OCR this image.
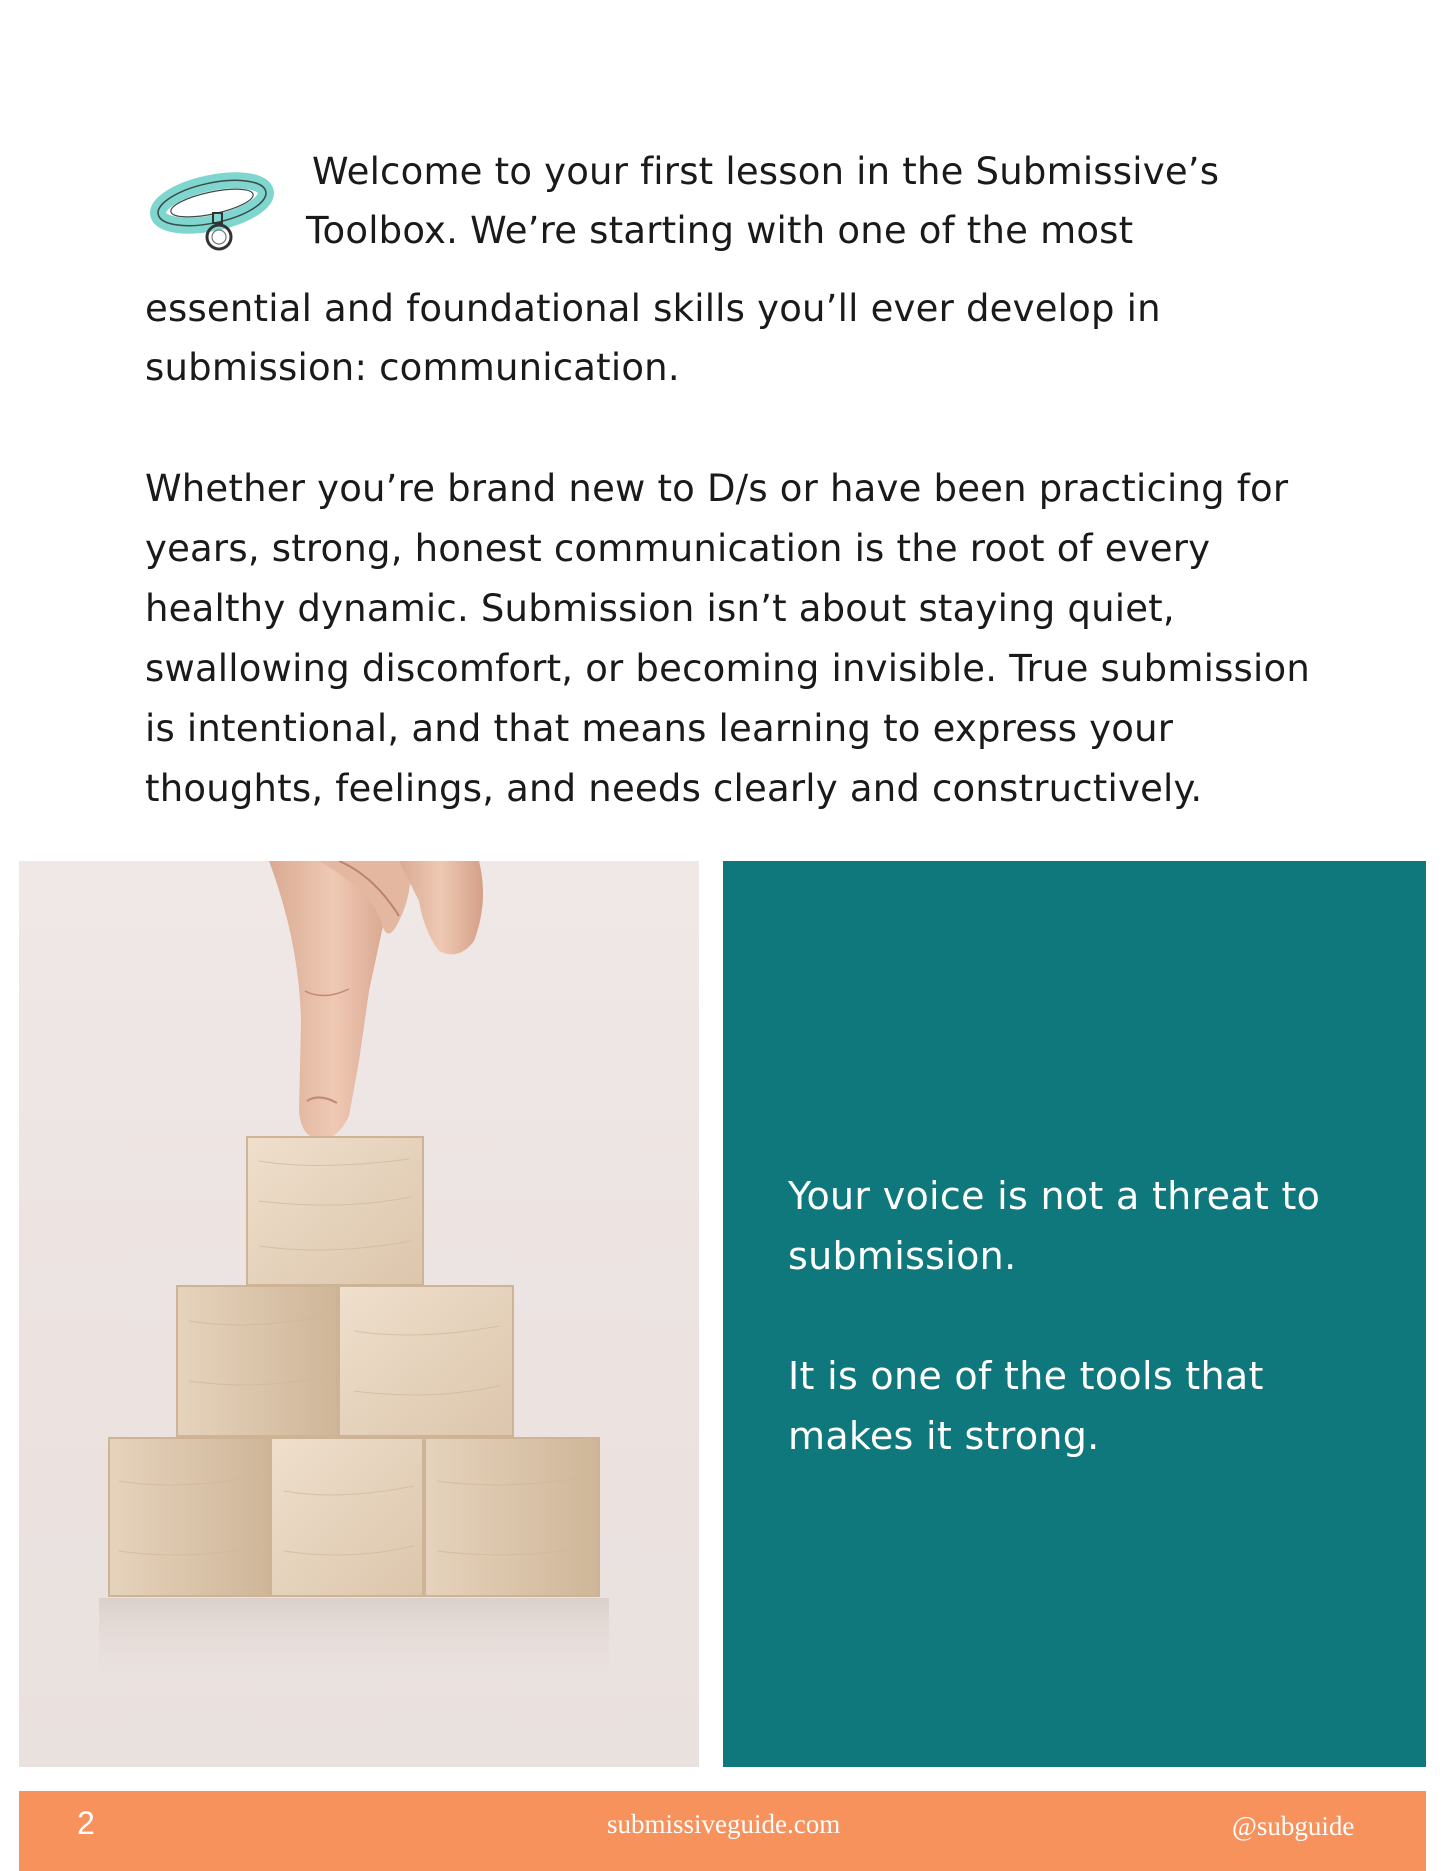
Welcome to your first lesson in the Submissive’s
Toolbox. We’re starting with one of the most
essential and foundational skills you’ll ever develop in
submission: communication.
Whether you’re brand new to D/s or have been practicing for
years, strong, honest communication is the root of every
healthy dynamic. Submission isn’t about staying quiet,
swallowing discomfort, or becoming invisible. True submission
is intentional, and that means learning to express your
thoughts, feelings, and needs clearly and constructively.
Your voice is not a threat to
submission.
It is one of the tools that
makes it strong.
2	submissiveguide.com	@subguide
